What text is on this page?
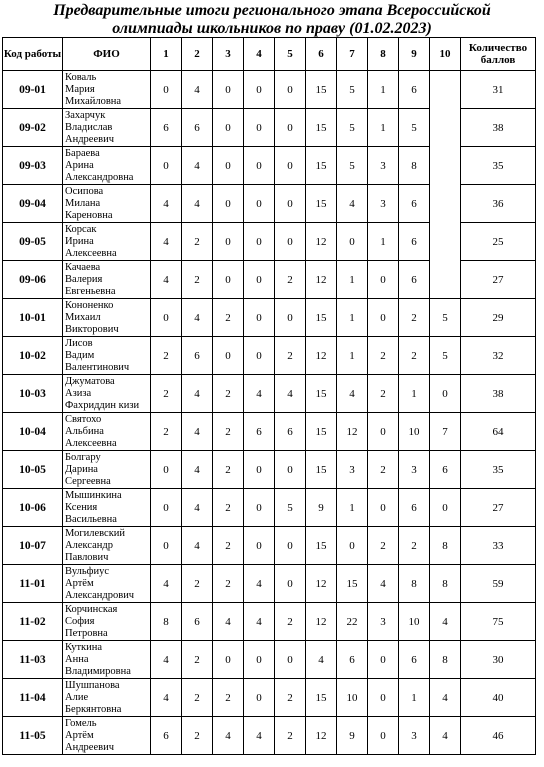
Предварительные итоги регионального этапа Всероссийской
олимпиады школьников по праву (01.02.2023)
Код работы	ФИО	1	2	3	4	5	6	7	8	9	10	Количество баллов
09-01	Коваль
Мария
Михайловна	0	4	0	0	0	15	5	1	6		31
09-02	Захарчук
Владислав
Андреевич	6	6	0	0	0	15	5	1	5		38
09-03	Бараева
Арина
Александровна	0	4	0	0	0	15	5	3	8		35
09-04	Осипова
Милана
Кареновна	4	4	0	0	0	15	4	3	6		36
09-05	Корсак
Ирина
Алексеевна	4	2	0	0	0	12	0	1	6		25
09-06	Качаева
Валерия
Евгеньевна	4	2	0	0	2	12	1	0	6		27
10-01	Кононенко
Михаил
Викторович	0	4	2	0	0	15	1	0	2	5	29
10-02	Лисов
Вадим
Валентинович	2	6	0	0	2	12	1	2	2	5	32
10-03	Джуматова
Азиза
Фахриддин кизи	2	4	2	4	4	15	4	2	1	0	38
10-04	Святохо
Альбина
Алексеевна	2	4	2	6	6	15	12	0	10	7	64
10-05	Болгару
Дарина
Сергеевна	0	4	2	0	0	15	3	2	3	6	35
10-06	Мышинкина
Ксения
Васильевна	0	4	2	0	5	9	1	0	6	0	27
10-07	Могилевский
Александр
Павлович	0	4	2	0	0	15	0	2	2	8	33
11-01	Вульфиус
Артём
Александрович	4	2	2	4	0	12	15	4	8	8	59
11-02	Корчинская
София
Петровна	8	6	4	4	2	12	22	3	10	4	75
11-03	Куткина
Анна
Владимировна	4	2	0	0	0	4	6	0	6	8	30
11-04	Шушпанова
Алие
Беркянтовна	4	2	2	0	2	15	10	0	1	4	40
11-05	Гомель
Артём
Андреевич	6	2	4	4	2	12	9	0	3	4	46
